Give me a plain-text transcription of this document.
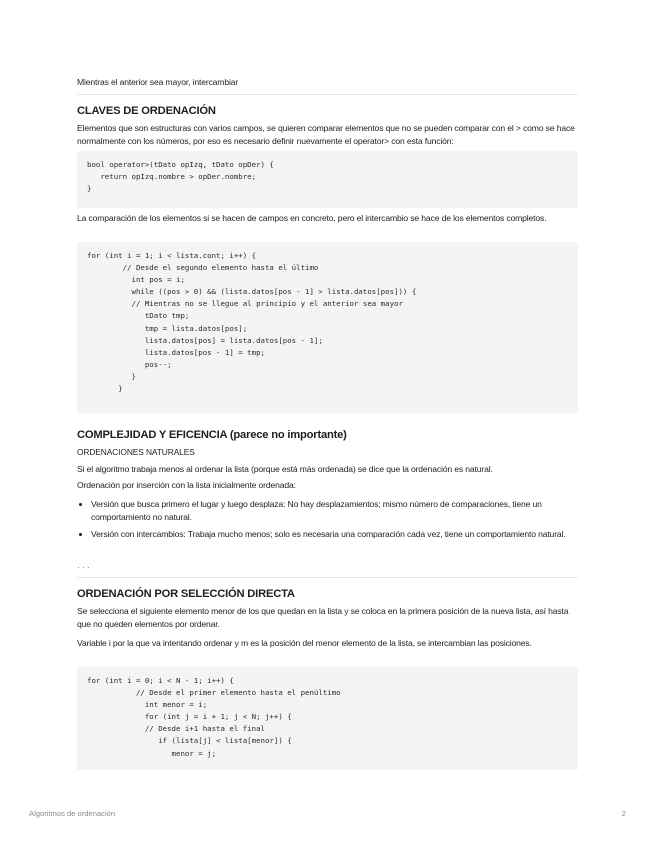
Mientras el anterior sea mayor, intercambiar

CLAVES DE ORDENACIÓN

Elementos que son estructuras con varios campos, se quieren comparar elementos que no se pueden comparar con el > como se hace normalmente con los números, por eso es necesario definir nuevamente el operator> con esta función:

bool operator>(tDato opIzq, tDato opDer) {
return opIzq.nombre > opDer.nombre;
}

La comparación de los elementos si se hacen de campos en concreto, pero el intercambio se hace de los elementos completos.

for (int i = 1; i < lista.cont; i++) {
// Desde el segundo elemento hasta el último
int pos = i;
while ((pos > 0) && (lista.datos[pos - 1] > lista.datos[pos])) {
// Mientras no se llegue al principio y el anterior sea mayor
tDato tmp;
tmp = lista.datos[pos];
lista.datos[pos] = lista.datos[pos - 1];
lista.datos[pos - 1] = tmp;
pos--;
}
}
COMPLEJIDAD Y EFICENCIA (parece no importante)

ORDENACIONES NATURALES

Si el algoritmo trabaja menos al ordenar la lista (porque está más ordenada) se dice que la ordenación es natural.

Ordenación por inserción con la lista inicialmente ordenada:

• Versión que busca primero el lugar y luego desplaza: No hay desplazamientos; mismo número de comparaciones, tiene un comportamiento no natural.
• Versión con intercambios: Trabaja mucho menos; solo es necesaria una comparación cada vez, tiene un comportamiento natural.

· · ·

ORDENACIÓN POR SELECCIÓN DIRECTA

Se selecciona el siguiente elemento menor de los que quedan en la lista y se coloca en la primera posición de la nueva lista, así hasta que no queden elementos por ordenar.

Variable i por la que va intentando ordenar y m es la posición del menor elemento de la lista, se intercambian las posiciones.

for (int i = 0; i < N - 1; i++) {
// Desde el primer elemento hasta el penúltimo
int menor = i;
for (int j = i + 1; j < N; j++) {
// Desde i+1 hasta el final
if (lista[j] < lista[menor]) {
menor = j;
Algoritmos de ordenación	2
